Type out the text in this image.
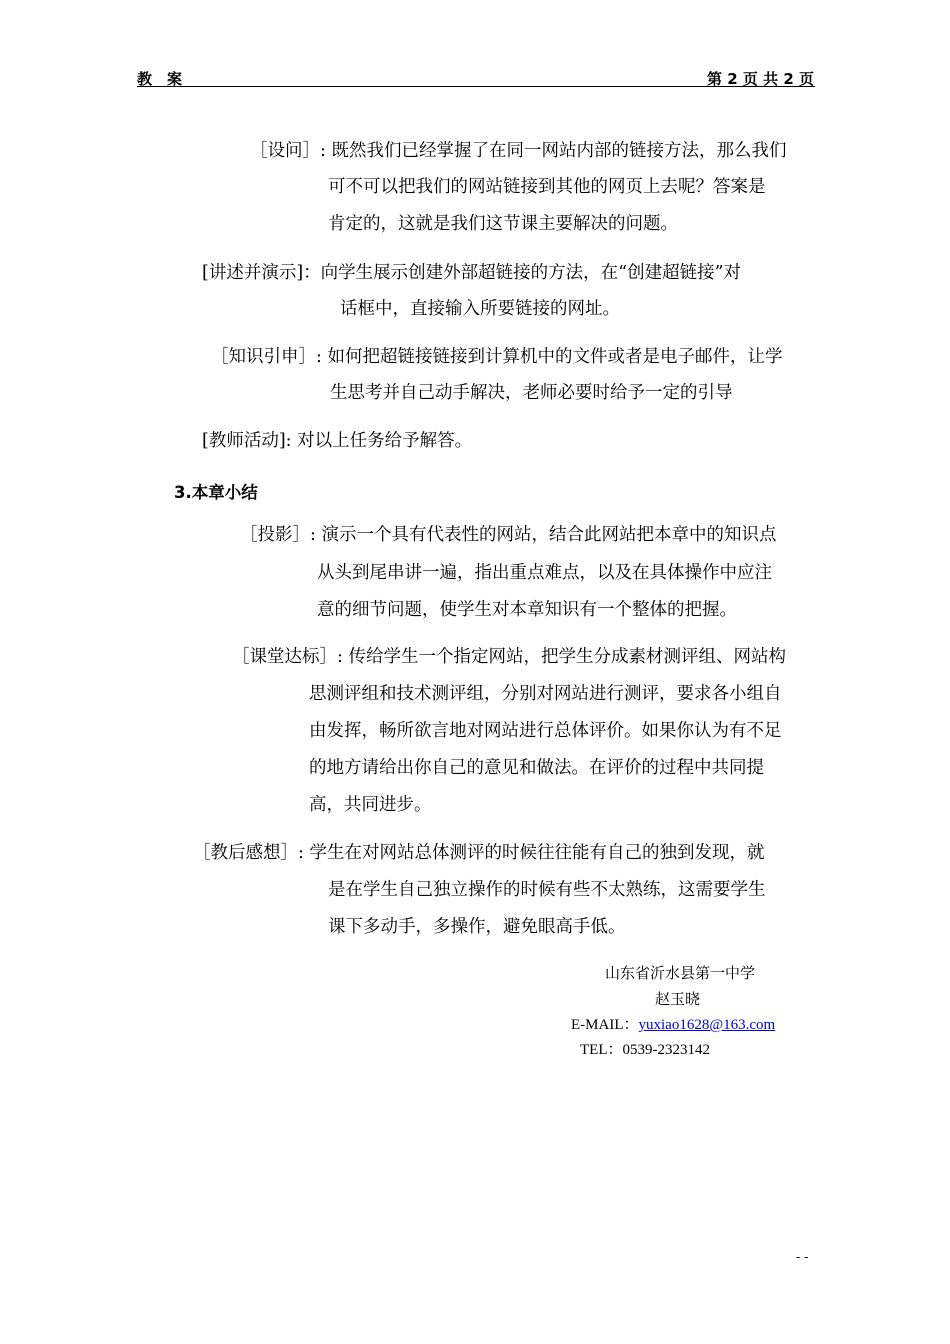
教　案	第 2 页 共 2 页
［设问］: 既然我们已经掌握了在同一网站内部的链接方法，那么我们
可不可以把我们的网站链接到其他的网页上去呢？答案是
肯定的，这就是我们这节课主要解决的问题。
[讲述并演示]：向学生展示创建外部超链接的方法，在“创建超链接”对
话框中，直接输入所要链接的网址。
［知识引申］: 如何把超链接链接到计算机中的文件或者是电子邮件，让学
生思考并自己动手解决，老师必要时给予一定的引导
[教师活动]: 对以上任务给予解答。
3.本章小结
［投影］: 演示一个具有代表性的网站，结合此网站把本章中的知识点
从头到尾串讲一遍，指出重点难点，以及在具体操作中应注
意的细节问题，使学生对本章知识有一个整体的把握。
［课堂达标］: 传给学生一个指定网站，把学生分成素材测评组、网站构
思测评组和技术测评组，分别对网站进行测评，要求各小组自
由发挥，畅所欲言地对网站进行总体评价。如果你认为有不足
的地方请给出你自己的意见和做法。在评价的过程中共同提
高，共同进步。
［教后感想］: 学生在对网站总体测评的时候往往能有自己的独到发现，就
是在学生自己独立操作的时候有些不太熟练，这需要学生
课下多动手，多操作，避免眼高手低。
山东省沂水县第一中学
赵玉晓
E-MAIL：yuxiao1628@163.com
TEL：0539-2323142
- -
